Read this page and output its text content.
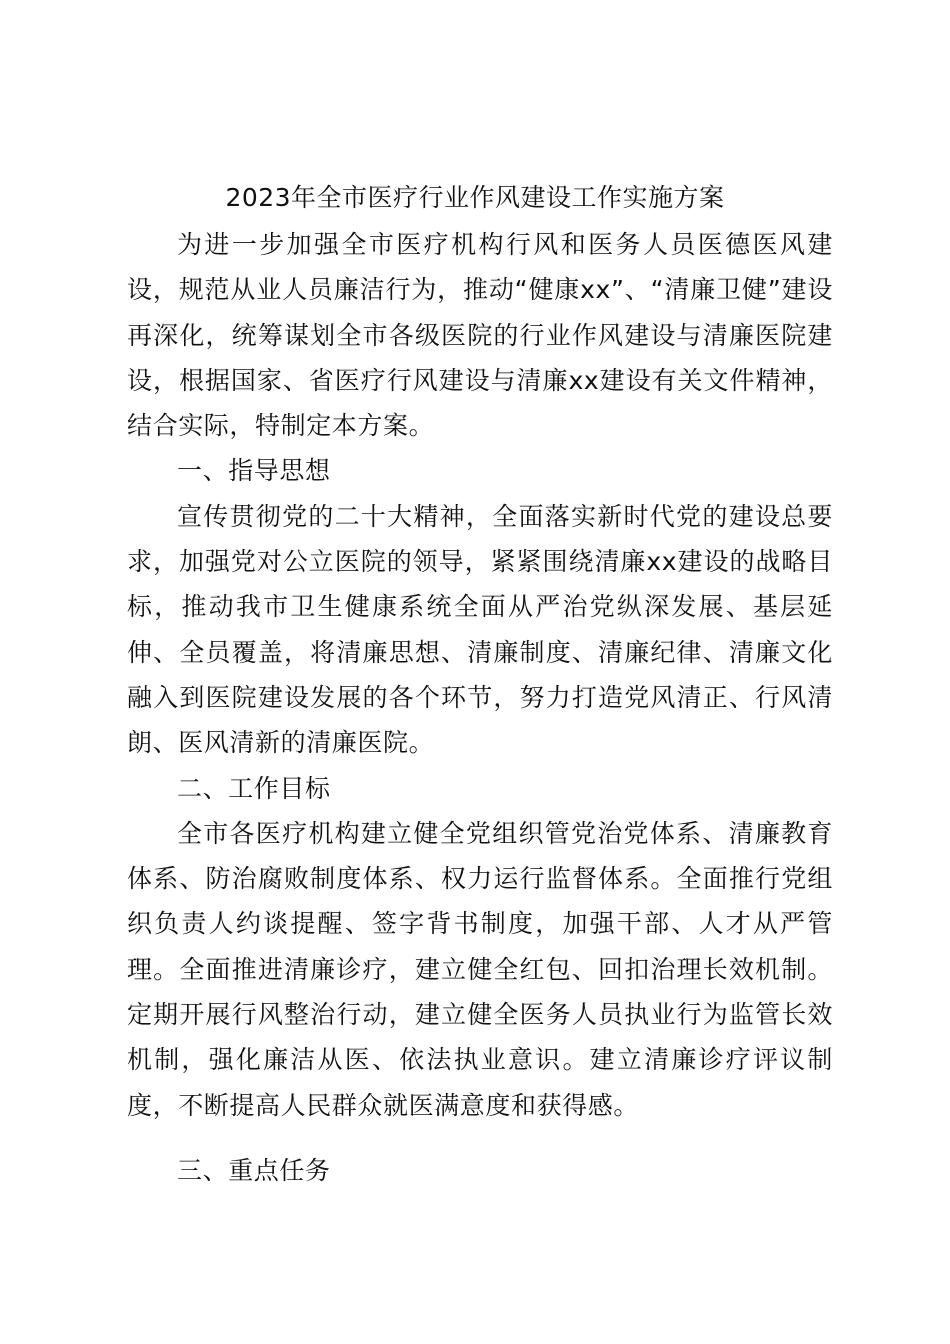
2023年全市医疗行业作风建设工作实施方案

为进一步加强全市医疗机构行风和医务人员医德医风建设，规范从业人员廉洁行为，推动“健康xx”、“清廉卫健”建设再深化，统筹谋划全市各级医院的行业作风建设与清廉医院建设，根据国家、省医疗行风建设与清廉xx建设有关文件精神，结合实际，特制定本方案。

一、指导思想

宣传贯彻党的二十大精神，全面落实新时代党的建设总要求，加强党对公立医院的领导，紧紧围绕清廉xx建设的战略目标，推动我市卫生健康系统全面从严治党纵深发展、基层延伸、全员覆盖，将清廉思想、清廉制度、清廉纪律、清廉文化融入到医院建设发展的各个环节，努力打造党风清正、行风清朗、医风清新的清廉医院。

二、工作目标

全市各医疗机构建立健全党组织管党治党体系、清廉教育体系、防治腐败制度体系、权力运行监督体系。全面推行党组织负责人约谈提醒、签字背书制度，加强干部、人才从严管理。全面推进清廉诊疗，建立健全红包、回扣治理长效机制。定期开展行风整治行动，建立健全医务人员执业行为监管长效机制，强化廉洁从医、依法执业意识。建立清廉诊疗评议制度，不断提高人民群众就医满意度和获得感。

三、重点任务
